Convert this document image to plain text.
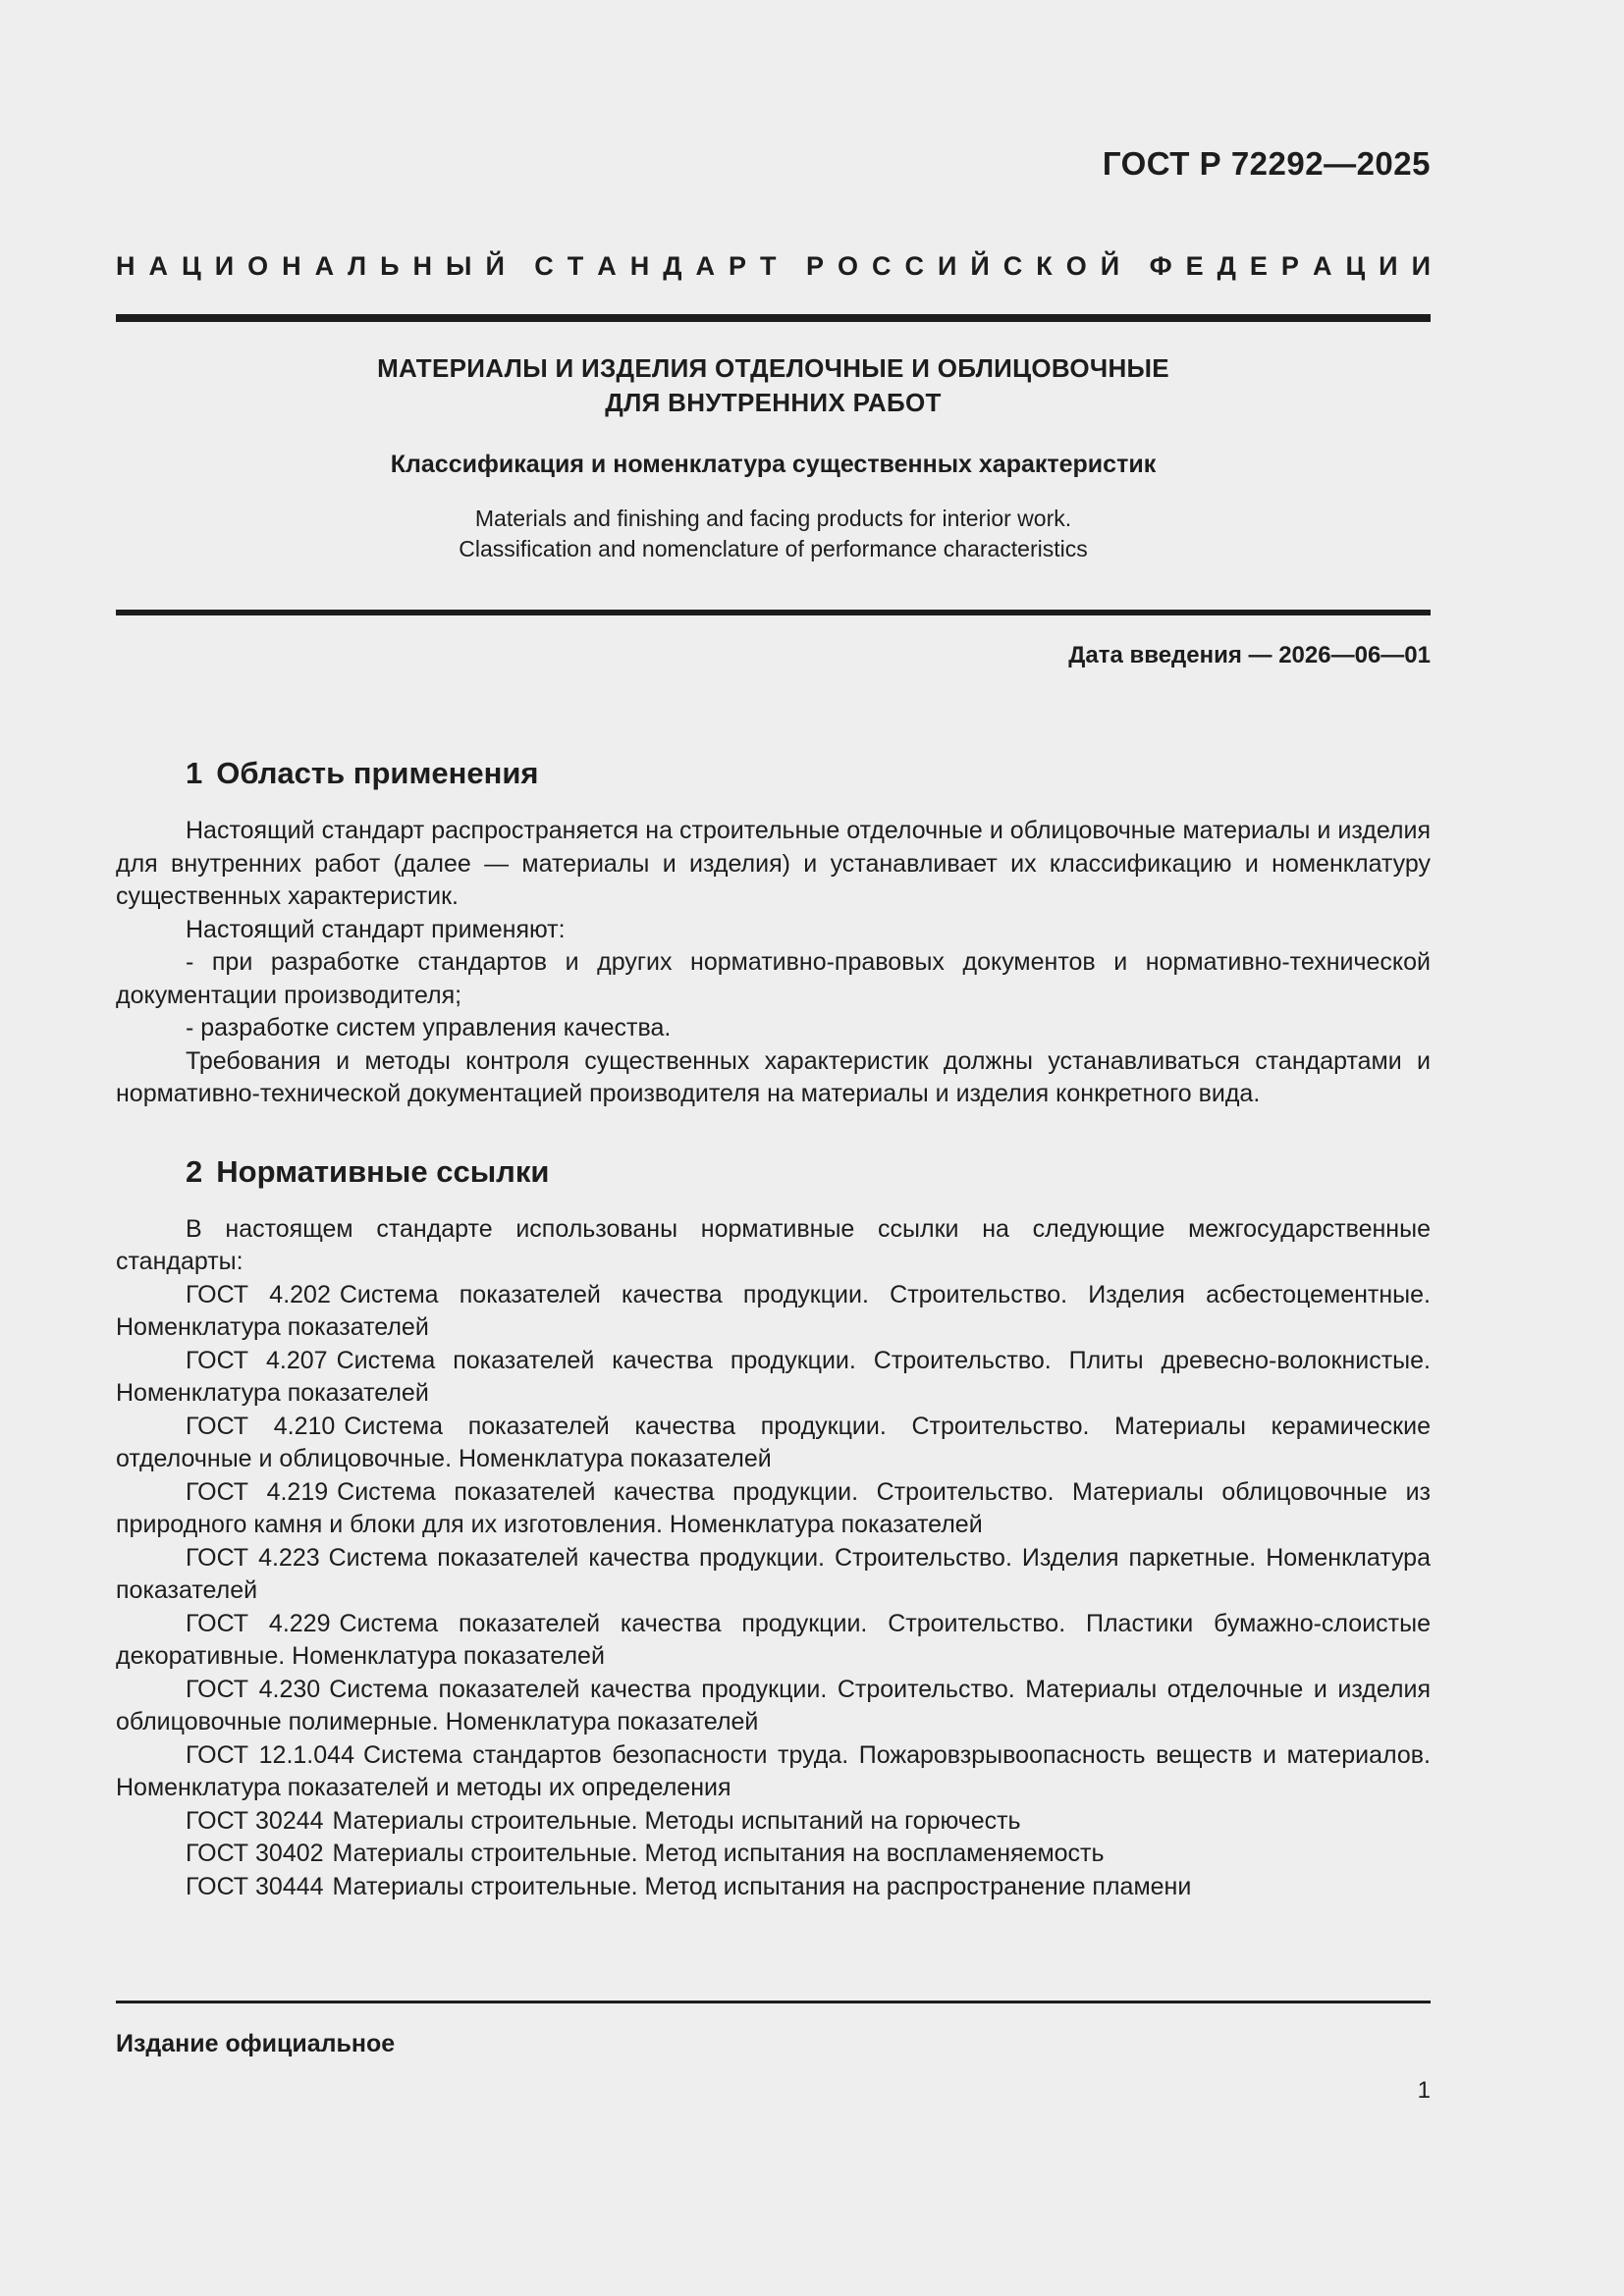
ГОСТ Р 72292—2025
Н А Ц И О Н А Л Ь Н Ы Й С Т А Н Д А Р Т Р О С С И Й С К О Й Ф Е Д Е Р А Ц И И
МАТЕРИАЛЫ И ИЗДЕЛИЯ ОТДЕЛОЧНЫЕ И ОБЛИЦОВОЧНЫЕ
ДЛЯ ВНУТРЕННИХ РАБОТ
Классификация и номенклатура существенных характеристик
Materials and finishing and facing products for interior work.
Classification and nomenclature of performance characteristics
Дата введения — 2026—06—01
1 Область применения

Настоящий стандарт распространяется на строительные отделочные и облицовочные материалы и изделия для внутренних работ (далее — материалы и изделия) и устанавливает их классификацию и номенклатуру существенных характеристик.

Настоящий стандарт применяют:

- при разработке стандартов и других нормативно-правовых документов и нормативно-технической документации производителя;

- разработке систем управления качества.

Требования и методы контроля существенных характеристик должны устанавливаться стандартами и нормативно-технической документацией производителя на материалы и изделия конкретного вида.

2 Нормативные ссылки

В настоящем стандарте использованы нормативные ссылки на следующие межгосударственные стандарты:

ГОСТ 4.202 Система показателей качества продукции. Строительство. Изделия асбестоцементные. Номенклатура показателей

ГОСТ 4.207 Система показателей качества продукции. Строительство. Плиты древесно-волокнистые. Номенклатура показателей

ГОСТ 4.210 Система показателей качества продукции. Строительство. Материалы керамические отделочные и облицовочные. Номенклатура показателей

ГОСТ 4.219 Система показателей качества продукции. Строительство. Материалы облицовочные из природного камня и блоки для их изготовления. Номенклатура показателей

ГОСТ 4.223 Система показателей качества продукции. Строительство. Изделия паркетные. Номенклатура показателей

ГОСТ 4.229 Система показателей качества продукции. Строительство. Пластики бумажно-слоистые декоративные. Номенклатура показателей

ГОСТ 4.230 Система показателей качества продукции. Строительство. Материалы отделочные и изделия облицовочные полимерные. Номенклатура показателей

ГОСТ 12.1.044 Система стандартов безопасности труда. Пожаровзрывоопасность веществ и материалов. Номенклатура показателей и методы их определения

ГОСТ 30244 Материалы строительные. Методы испытаний на горючесть

ГОСТ 30402 Материалы строительные. Метод испытания на воспламеняемость

ГОСТ 30444 Материалы строительные. Метод испытания на распространение пламени

Издание официальное
1
